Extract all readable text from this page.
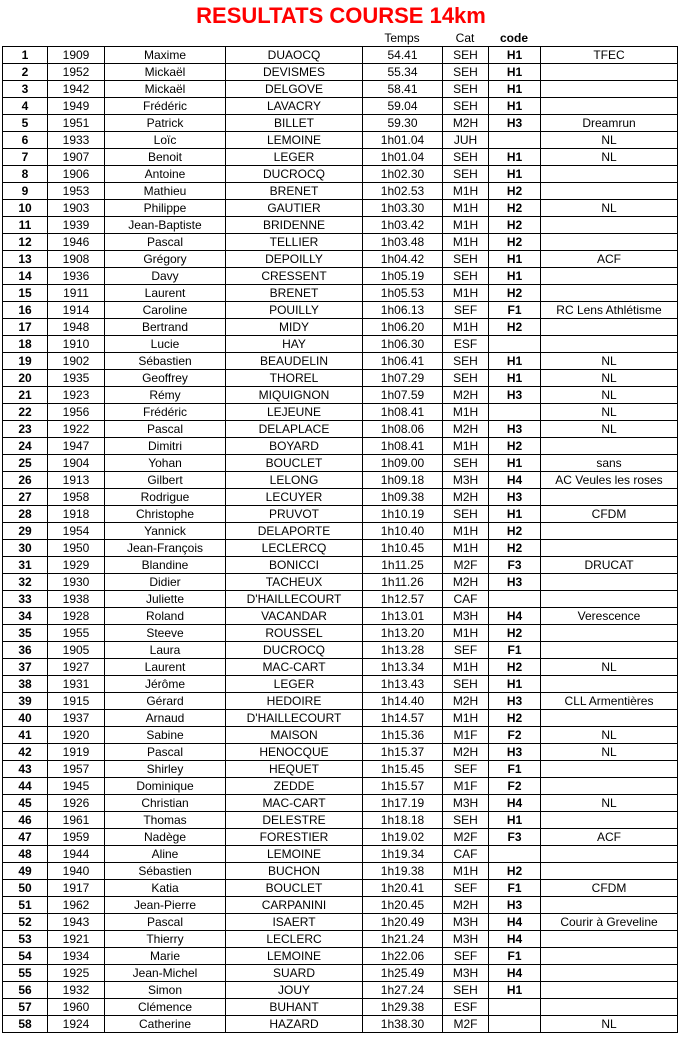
RESULTATS COURSE 14km
Temps	Cat	code
1	1909	Maxime	DUAOCQ	54.41	SEH	H1	TFEC
2	1952	Mickaël	DEVISMES	55.34	SEH	H1	
3	1942	Mickaël	DELGOVE	58.41	SEH	H1	
4	1949	Frédéric	LAVACRY	59.04	SEH	H1	
5	1951	Patrick	BILLET	59.30	M2H	H3	Dreamrun
6	1933	Loïc	LEMOINE	1h01.04	JUH		NL
7	1907	Benoit	LEGER	1h01.04	SEH	H1	NL
8	1906	Antoine	DUCROCQ	1h02.30	SEH	H1	
9	1953	Mathieu	BRENET	1h02.53	M1H	H2	
10	1903	Philippe	GAUTIER	1h03.30	M1H	H2	NL
11	1939	Jean-Baptiste	BRIDENNE	1h03.42	M1H	H2	
12	1946	Pascal	TELLIER	1h03.48	M1H	H2	
13	1908	Grégory	DEPOILLY	1h04.42	SEH	H1	ACF
14	1936	Davy	CRESSENT	1h05.19	SEH	H1	
15	1911	Laurent	BRENET	1h05.53	M1H	H2	
16	1914	Caroline	POUILLY	1h06.13	SEF	F1	RC Lens Athlétisme
17	1948	Bertrand	MIDY	1h06.20	M1H	H2	
18	1910	Lucie	HAY	1h06.30	ESF		
19	1902	Sébastien	BEAUDELIN	1h06.41	SEH	H1	NL
20	1935	Geoffrey	THOREL	1h07.29	SEH	H1	NL
21	1923	Rémy	MIQUIGNON	1h07.59	M2H	H3	NL
22	1956	Frédéric	LEJEUNE	1h08.41	M1H		NL
23	1922	Pascal	DELAPLACE	1h08.06	M2H	H3	NL
24	1947	Dimitri	BOYARD	1h08.41	M1H	H2	
25	1904	Yohan	BOUCLET	1h09.00	SEH	H1	sans
26	1913	Gilbert	LELONG	1h09.18	M3H	H4	AC Veules les roses
27	1958	Rodrigue	LECUYER	1h09.38	M2H	H3	
28	1918	Christophe	PRUVOT	1h10.19	SEH	H1	CFDM
29	1954	Yannick	DELAPORTE	1h10.40	M1H	H2	
30	1950	Jean-François	LECLERCQ	1h10.45	M1H	H2	
31	1929	Blandine	BONICCI	1h11.25	M2F	F3	DRUCAT
32	1930	Didier	TACHEUX	1h11.26	M2H	H3	
33	1938	Juliette	D'HAILLECOURT	1h12.57	CAF		
34	1928	Roland	VACANDAR	1h13.01	M3H	H4	Verescence
35	1955	Steeve	ROUSSEL	1h13.20	M1H	H2	
36	1905	Laura	DUCROCQ	1h13.28	SEF	F1	
37	1927	Laurent	MAC-CART	1h13.34	M1H	H2	NL
38	1931	Jérôme	LEGER	1h13.43	SEH	H1	
39	1915	Gérard	HEDOIRE	1h14.40	M2H	H3	CLL Armentières
40	1937	Arnaud	D'HAILLECOURT	1h14.57	M1H	H2	
41	1920	Sabine	MAISON	1h15.36	M1F	F2	NL
42	1919	Pascal	HENOCQUE	1h15.37	M2H	H3	NL
43	1957	Shirley	HEQUET	1h15.45	SEF	F1	
44	1945	Dominique	ZEDDE	1h15.57	M1F	F2	
45	1926	Christian	MAC-CART	1h17.19	M3H	H4	NL
46	1961	Thomas	DELESTRE	1h18.18	SEH	H1	
47	1959	Nadège	FORESTIER	1h19.02	M2F	F3	ACF
48	1944	Aline	LEMOINE	1h19.34	CAF		
49	1940	Sébastien	BUCHON	1h19.38	M1H	H2	
50	1917	Katia	BOUCLET	1h20.41	SEF	F1	CFDM
51	1962	Jean-Pierre	CARPANINI	1h20.45	M2H	H3	
52	1943	Pascal	ISAERT	1h20.49	M3H	H4	Courir à Greveline
53	1921	Thierry	LECLERC	1h21.24	M3H	H4	
54	1934	Marie	LEMOINE	1h22.06	SEF	F1	
55	1925	Jean-Michel	SUARD	1h25.49	M3H	H4	
56	1932	Simon	JOUY	1h27.24	SEH	H1	
57	1960	Clémence	BUHANT	1h29.38	ESF		
58	1924	Catherine	HAZARD	1h38.30	M2F		NL
